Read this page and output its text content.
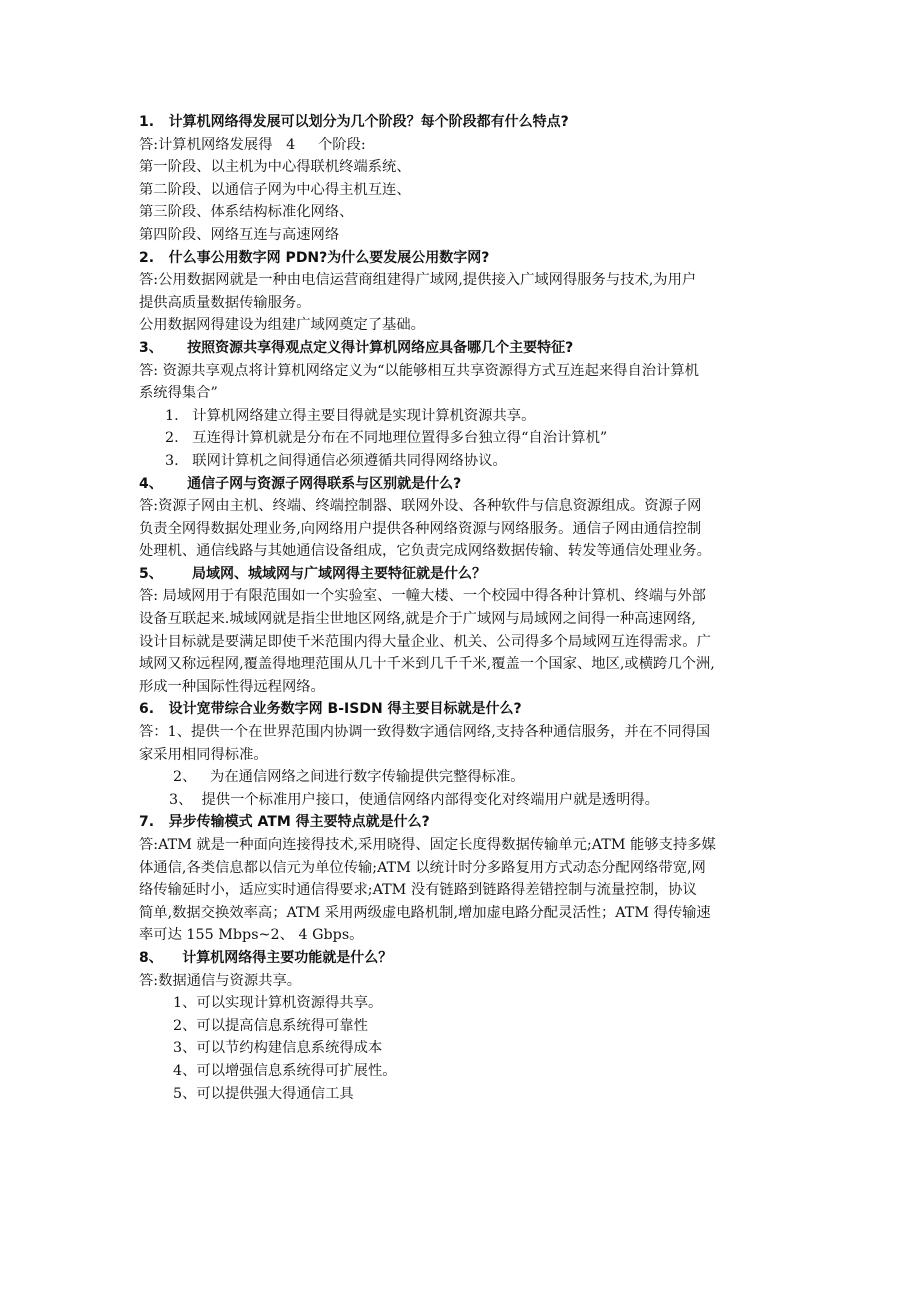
1.   计算机网络得发展可以划分为几个阶段？每个阶段都有什么特点?
答:计算机网络发展得   4     个阶段:
第一阶段、以主机为中心得联机终端系统、
第二阶段、以通信子网为中心得主机互连、
第三阶段、体系结构标准化网络、
第四阶段、网络互连与高速网络
2.   什么事公用数字网 PDN?为什么要发展公用数字网?
答:公用数据网就是一种由电信运营商组建得广域网,提供接入广域网得服务与技术,为用户
提供高质量数据传输服务。
公用数据网得建设为组建广域网奠定了基础。
3、     按照资源共享得观点定义得计算机网络应具备哪几个主要特征?
答: 资源共享观点将计算机网络定义为“以能够相互共享资源得方式互连起来得自治计算机
系统得集合”
1.   计算机网络建立得主要目得就是实现计算机资源共享。
2.   互连得计算机就是分布在不同地理位置得多台独立得“自治计算机”
3.   联网计算机之间得通信必须遵循共同得网络协议。
4、     通信子网与资源子网得联系与区别就是什么?
答:资源子网由主机、终端、终端控制器、联网外设、各种软件与信息资源组成。资源子网
负责全网得数据处理业务,向网络用户提供各种网络资源与网络服务。通信子网由通信控制
处理机、通信线路与其她通信设备组成，它负责完成网络数据传输、转发等通信处理业务。
5、      局域网、城域网与广域网得主要特征就是什么？
答: 局域网用于有限范围如一个实验室、一幢大楼、一个校园中得各种计算机、终端与外部
设备互联起来.城域网就是指尘世地区网络,就是介于广域网与局域网之间得一种高速网络,
设计目标就是要满足即使千米范围内得大量企业、机关、公司得多个局域网互连得需求。广
域网又称远程网,覆盖得地理范围从几十千米到几千千米,覆盖一个国家、地区,或横跨几个洲,
形成一种国际性得远程网络。
6.   设计宽带综合业务数字网 B-ISDN 得主要目标就是什么?
答：1、提供一个在世界范围内协调一致得数字通信网络,支持各种通信服务，并在不同得国
家采用相同得标准。
2、   为在通信网络之间进行数字传输提供完整得标准。
3、  提供一个标准用户接口，使通信网络内部得变化对终端用户就是透明得。
7.   异步传输模式 ATM 得主要特点就是什么?
答:ATM 就是一种面向连接得技术,采用晓得、固定长度得数据传输单元;ATM 能够支持多媒
体通信,各类信息都以信元为单位传输;ATM 以统计时分多路复用方式动态分配网络带宽,网
络传输延时小，适应实时通信得要求;ATM 没有链路到链路得差错控制与流量控制，协议
简单,数据交换效率高；ATM 采用两级虚电路机制,增加虚电路分配灵活性；ATM 得传输速
率可达 155 Mbps~2、 4 Gbps。
8、    计算机网络得主要功能就是什么？
答:数据通信与资源共享。
1、可以实现计算机资源得共享。
2、可以提高信息系统得可靠性
3、可以节约构建信息系统得成本
4、可以增强信息系统得可扩展性。
5、可以提供强大得通信工具
